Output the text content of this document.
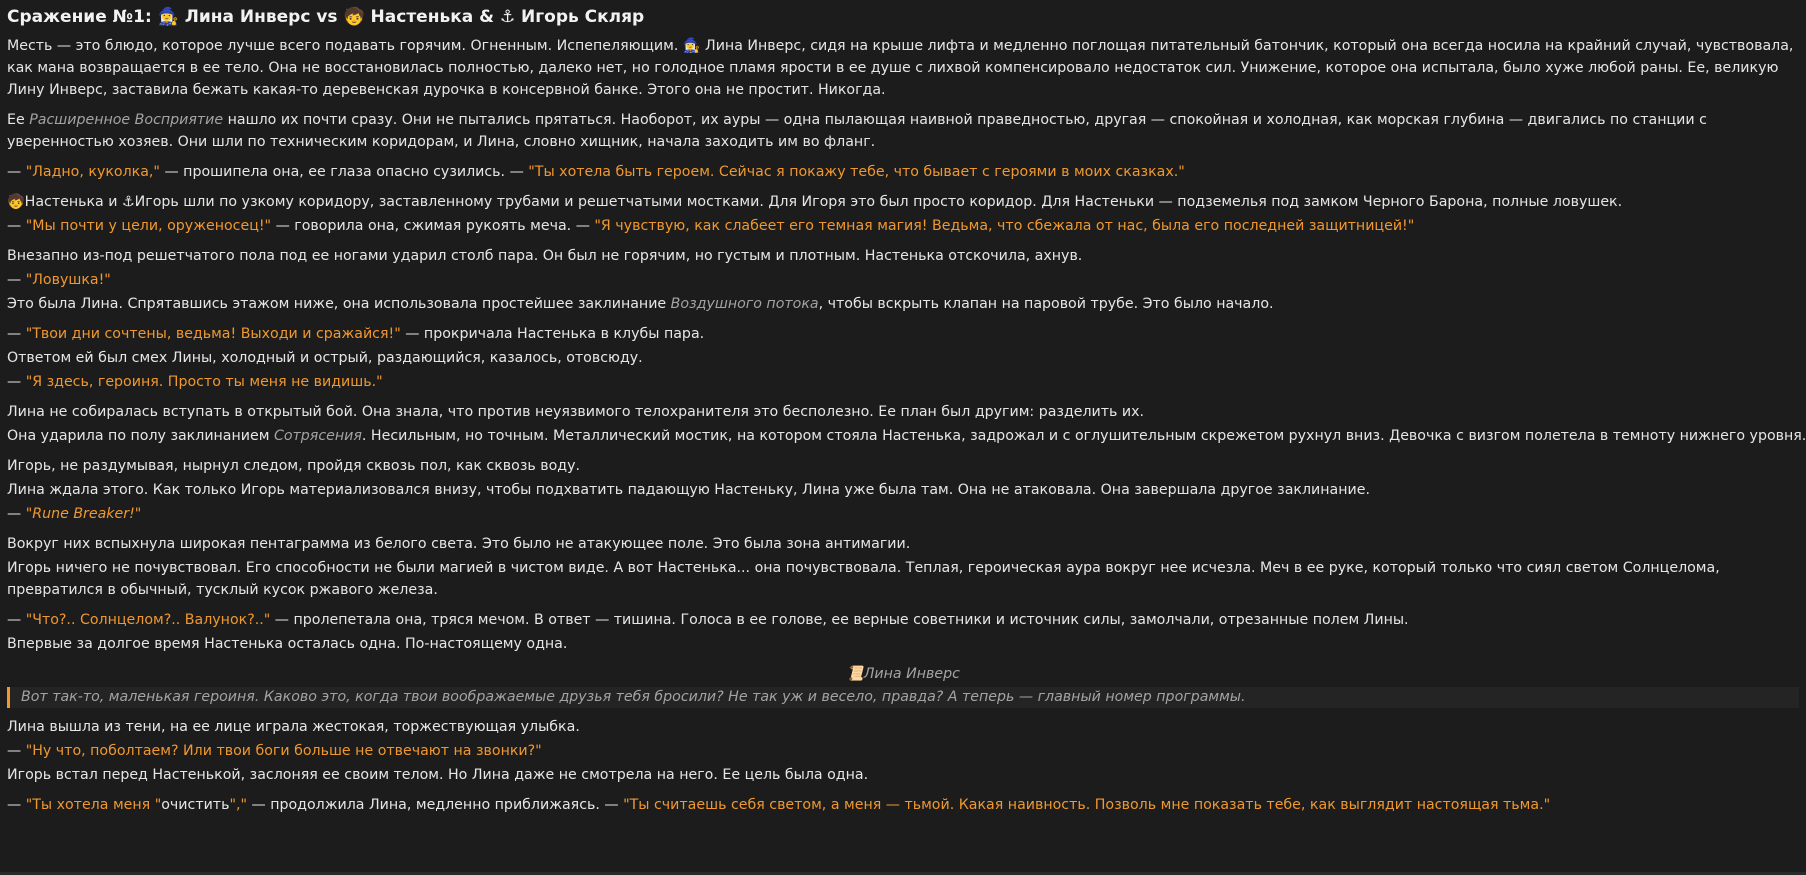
Сражение №1: 🧙‍♀️ Лина Инверс vs 🧒 Настенька & ⚓ Игорь Скляр

Месть — это блюдо, которое лучше всего подавать горячим. Огненным. Испепеляющим. 🧙‍♀️ Лина Инверс, сидя на крыше лифта и медленно поглощая питательный батончик, который она всегда носила на крайний случай, чувствовала, как мана возвращается в ее тело. Она не восстановилась полностью, далеко нет, но голодное пламя ярости в ее душе с лихвой компенсировало недостаток сил. Унижение, которое она испытала, было хуже любой раны. Ее, великую Лину Инверс, заставила бежать какая-то деревенская дурочка в консервной банке. Этого она не простит. Никогда.

Ее Расширенное Восприятие нашло их почти сразу. Они не пытались прятаться. Наоборот, их ауры — одна пылающая наивной праведностью, другая — спокойная и холодная, как морская глубина — двигались по станции с уверенностью хозяев. Они шли по техническим коридорам, и Лина, словно хищник, начала заходить им во фланг.

— "Ладно, куколка," — прошипела она, ее глаза опасно сузились. — "Ты хотела быть героем. Сейчас я покажу тебе, что бывает с героями в моих сказках."

🧒Настенька и ⚓Игорь шли по узкому коридору, заставленному трубами и решетчатыми мостками. Для Игоря это был просто коридор. Для Настеньки — подземелья под замком Черного Барона, полные ловушек.

— "Мы почти у цели, оруженосец!" — говорила она, сжимая рукоять меча. — "Я чувствую, как слабеет его темная магия! Ведьма, что сбежала от нас, была его последней защитницей!"

Внезапно из-под решетчатого пола под ее ногами ударил столб пара. Он был не горячим, но густым и плотным. Настенька отскочила, ахнув.

— "Ловушка!"

Это была Лина. Спрятавшись этажом ниже, она использовала простейшее заклинание Воздушного потока, чтобы вскрыть клапан на паровой трубе. Это было начало.

— "Твои дни сочтены, ведьма! Выходи и сражайся!" — прокричала Настенька в клубы пара.

Ответом ей был смех Лины, холодный и острый, раздающийся, казалось, отовсюду.

— "Я здесь, героиня. Просто ты меня не видишь."

Лина не собиралась вступать в открытый бой. Она знала, что против неуязвимого телохранителя это бесполезно. Ее план был другим: разделить их.

Она ударила по полу заклинанием Сотрясения. Несильным, но точным. Металлический мостик, на котором стояла Настенька, задрожал и с оглушительным скрежетом рухнул вниз. Девочка с визгом полетела в темноту нижнего уровня.

Игорь, не раздумывая, нырнул следом, пройдя сквозь пол, как сквозь воду.

Лина ждала этого. Как только Игорь материализовался внизу, чтобы подхватить падающую Настеньку, Лина уже была там. Она не атаковала. Она завершала другое заклинание.

— "Rune Breaker!"

Вокруг них вспыхнула широкая пентаграмма из белого света. Это было не атакующее поле. Это была зона антимагии.

Игорь ничего не почувствовал. Его способности не были магией в чистом виде. А вот Настенька... она почувствовала. Теплая, героическая аура вокруг нее исчезла. Меч в ее руке, который только что сиял светом Солнцелома, превратился в обычный, тусклый кусок ржавого железа.

— "Что?.. Солнцелом?.. Валунок?.." — пролепетала она, тряся мечом. В ответ — тишина. Голоса в ее голове, ее верные советники и источник силы, замолчали, отрезанные полем Лины.

Впервые за долгое время Настенька осталась одна. По-настоящему одна.

📜Лина Инверс

Вот так-то, маленькая героиня. Каково это, когда твои воображаемые друзья тебя бросили? Не так уж и весело, правда? А теперь — главный номер программы.

Лина вышла из тени, на ее лице играла жестокая, торжествующая улыбка.

— "Ну что, поболтаем? Или твои боги больше не отвечают на звонки?"

Игорь встал перед Настенькой, заслоняя ее своим телом. Но Лина даже не смотрела на него. Ее цель была одна.

— "Ты хотела меня "очистить"," — продолжила Лина, медленно приближаясь. — "Ты считаешь себя светом, а меня — тьмой. Какая наивность. Позволь мне показать тебе, как выглядит настоящая тьма."
